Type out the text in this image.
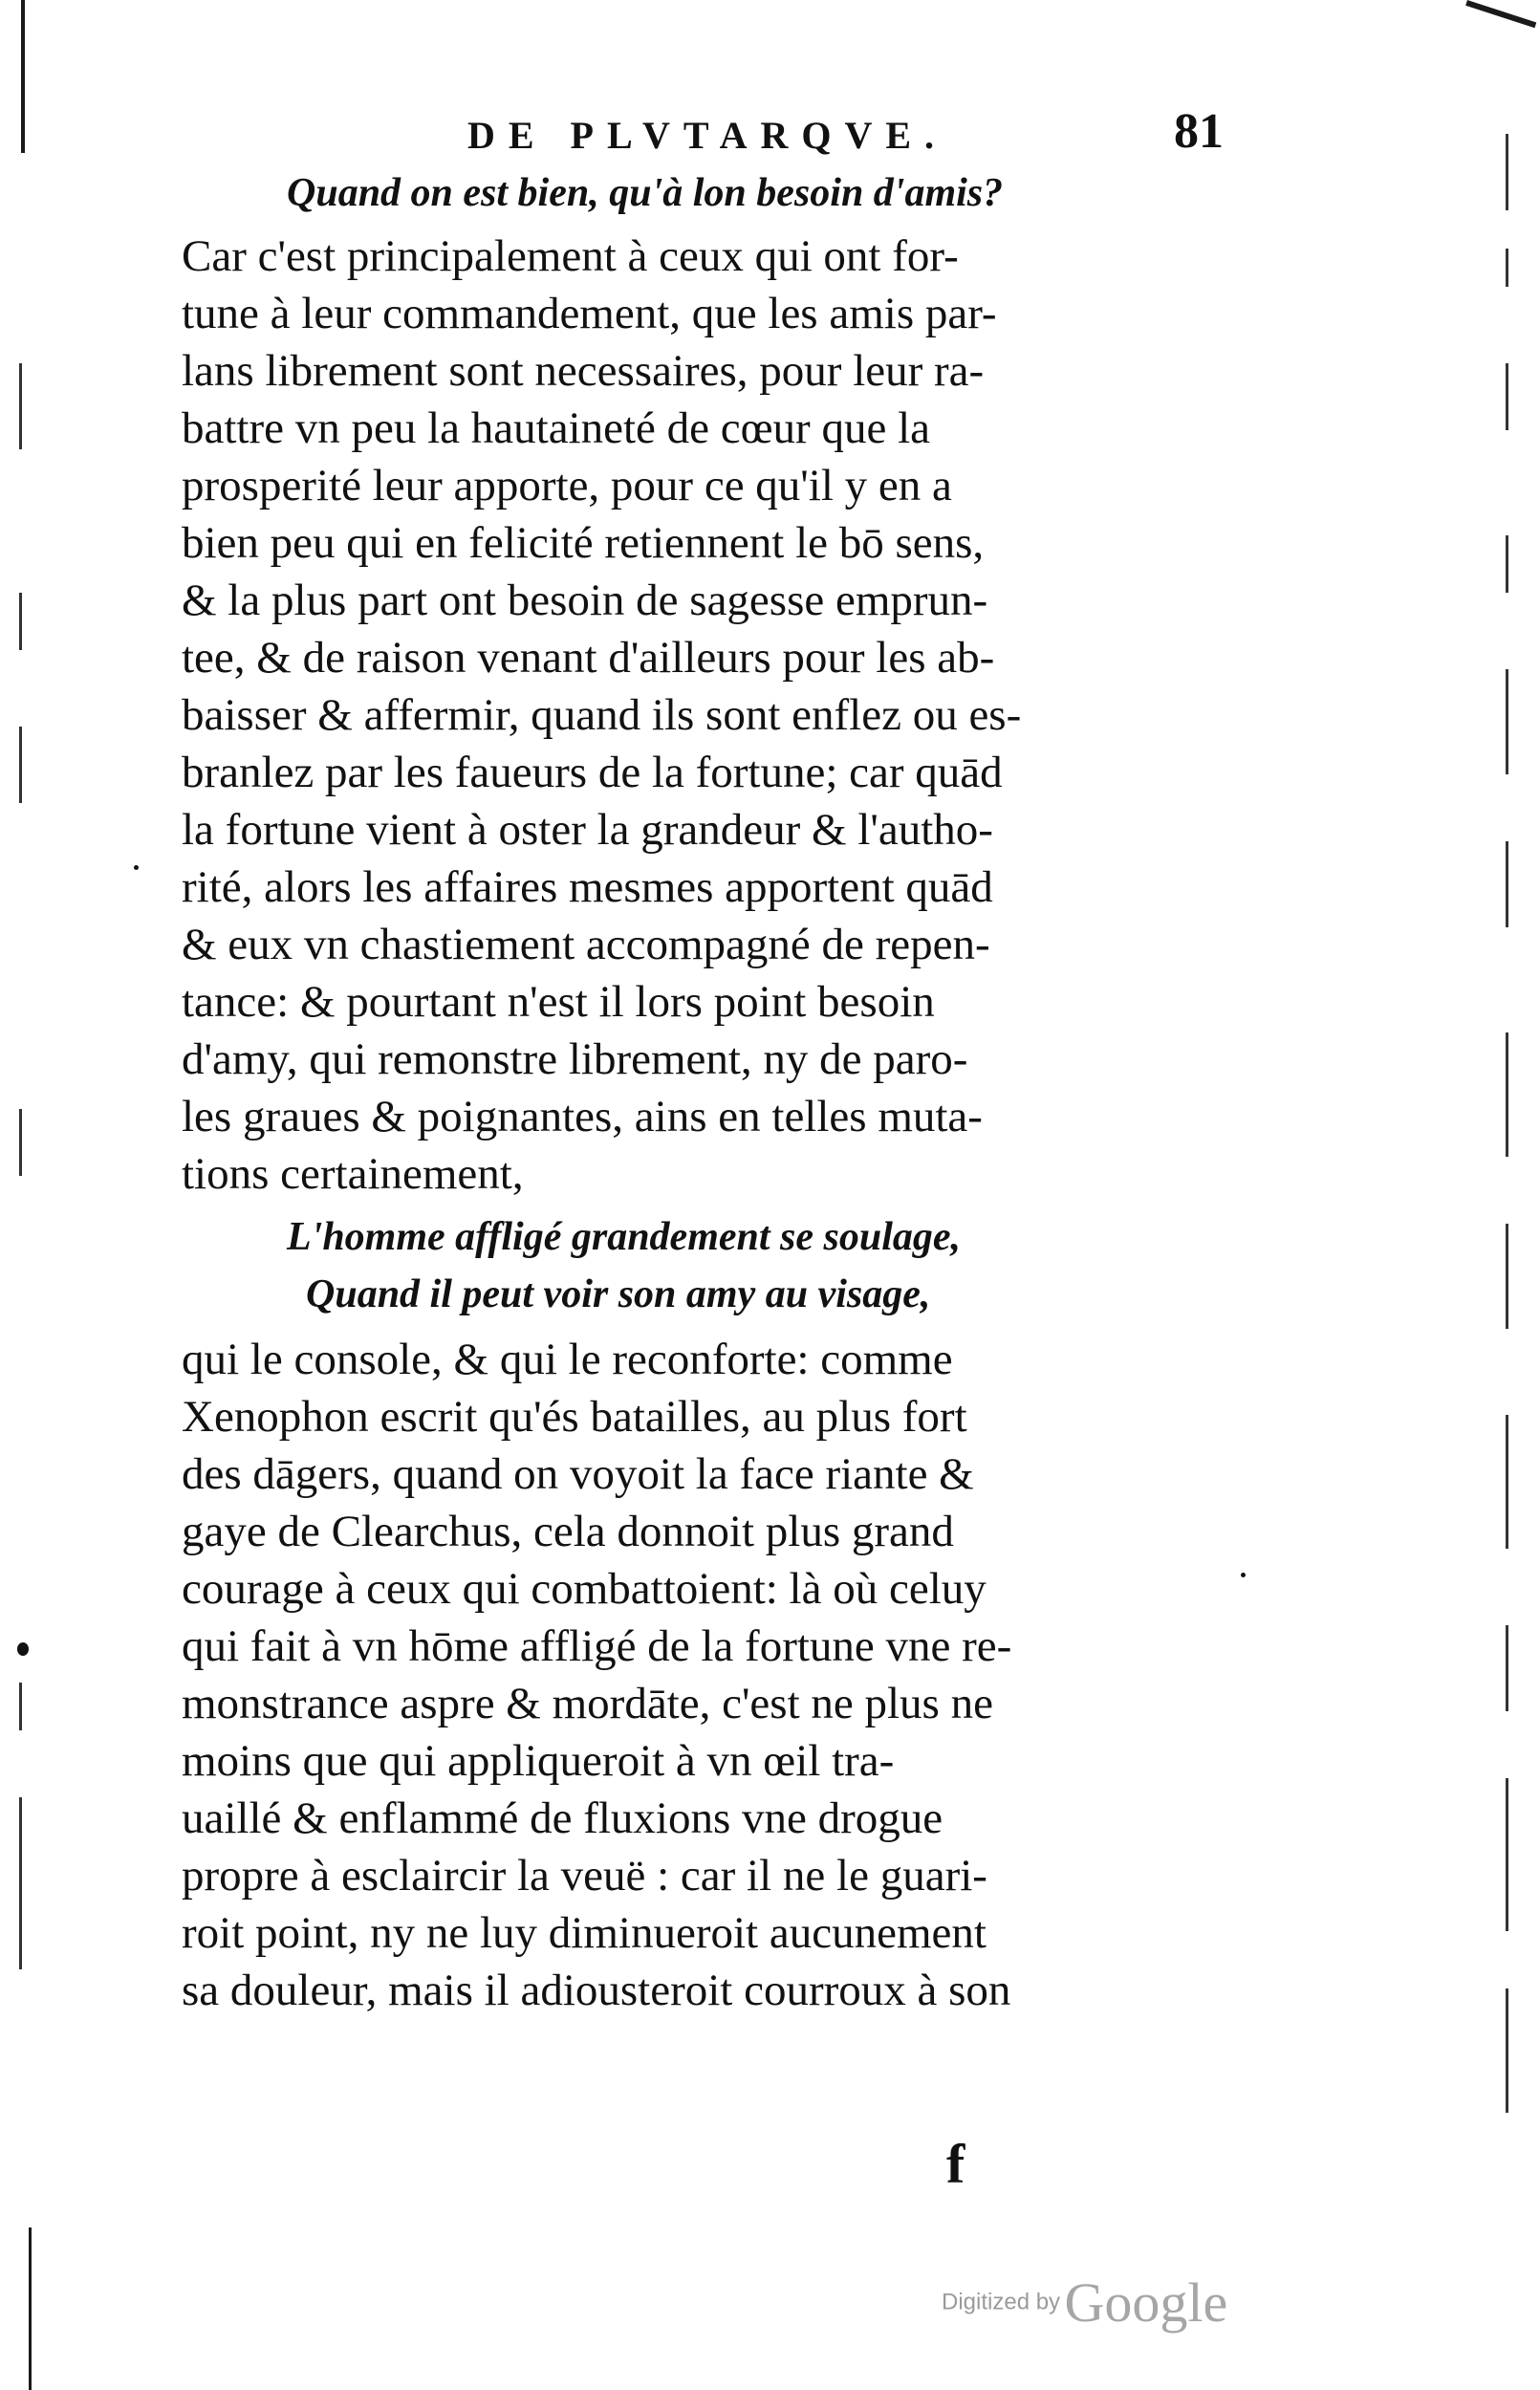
DE PLVTARQVE.	81
Quand on est bien, qu'à lon besoin d'amis?
Car c'est principalement à ceux qui ont for-
tune à leur commandement, que les amis par-
lans librement sont necessaires, pour leur ra-
battre vn peu la hautaineté de cœur que la
prosperité leur apporte, pour ce qu'il y en a
bien peu qui en felicité retiennent le bō sens,
& la plus part ont besoin de sagesse emprun-
tee, & de raison venant d'ailleurs pour les ab-
baisser & affermir, quand ils sont enflez ou es-
branlez par les faueurs de la fortune; car quād
la fortune vient à oster la grandeur & l'autho-
rité, alors les affaires mesmes apportent quād
& eux vn chastiement accompagné de repen-
tance: & pourtant n'est il lors point besoin
d'amy, qui remonstre librement, ny de paro-
les graues & poignantes, ains en telles muta-
tions certainement,
L'homme affligé grandement se soulage,
Quand il peut voir son amy au visage,
qui le console, & qui le reconforte: comme
Xenophon escrit qu'és batailles, au plus fort
des dāgers, quand on voyoit la face riante &
gaye de Clearchus, cela donnoit plus grand
courage à ceux qui combattoient: là où celuy
qui fait à vn hōme affligé de la fortune vne re-
monstrance aspre & mordāte, c'est ne plus ne
moins que qui appliqueroit à vn œil tra-
uaillé & enflammé de fluxions vne drogue
propre à esclaircir la veuë : car il ne le guari-
roit point, ny ne luy diminueroit aucunement
sa douleur, mais il adiousteroit courroux à son
f
Digitized by Google
